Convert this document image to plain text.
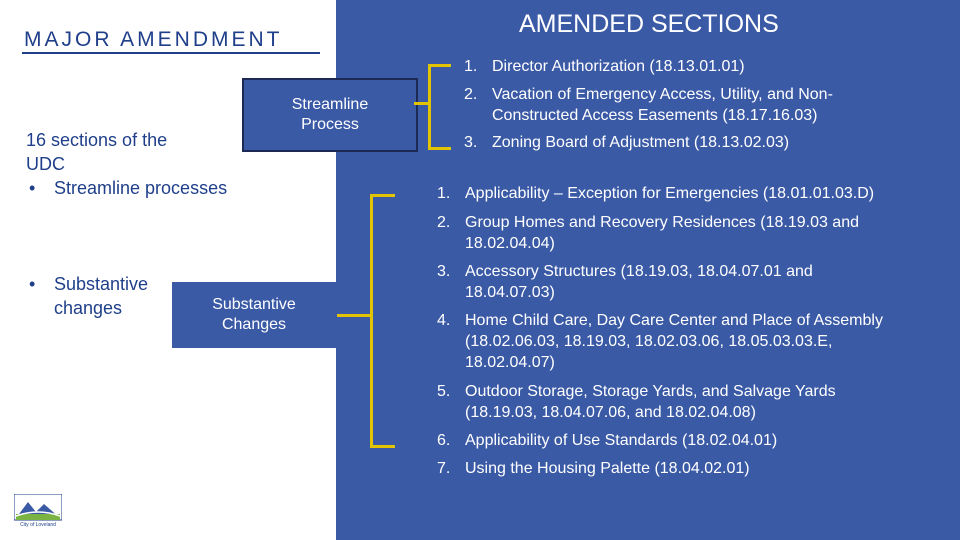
MAJOR AMENDMENT
16 sections of the UDC
• Streamline processes
• Substantive changes
Streamline Process
Substantive Changes
AMENDED SECTIONS
1. Director Authorization (18.13.01.01)
2. Vacation of Emergency Access, Utility, and Non-
Constructed Access Easements (18.17.16.03)
3. Zoning Board of Adjustment (18.13.02.03)
1. Applicability – Exception for Emergencies (18.01.01.03.D)
2. Group Homes and Recovery Residences (18.19.03 and
18.02.04.04)
3. Accessory Structures (18.19.03, 18.04.07.01 and
18.04.07.03)
4. Home Child Care, Day Care Center and Place of Assembly
(18.02.06.03, 18.19.03, 18.02.03.06, 18.05.03.03.E,
18.02.04.07)
5. Outdoor Storage, Storage Yards, and Salvage Yards
(18.19.03, 18.04.07.06, and 18.02.04.08)
6. Applicability of Use Standards (18.02.04.01)
7. Using the Housing Palette (18.04.02.01)
City of Loveland
